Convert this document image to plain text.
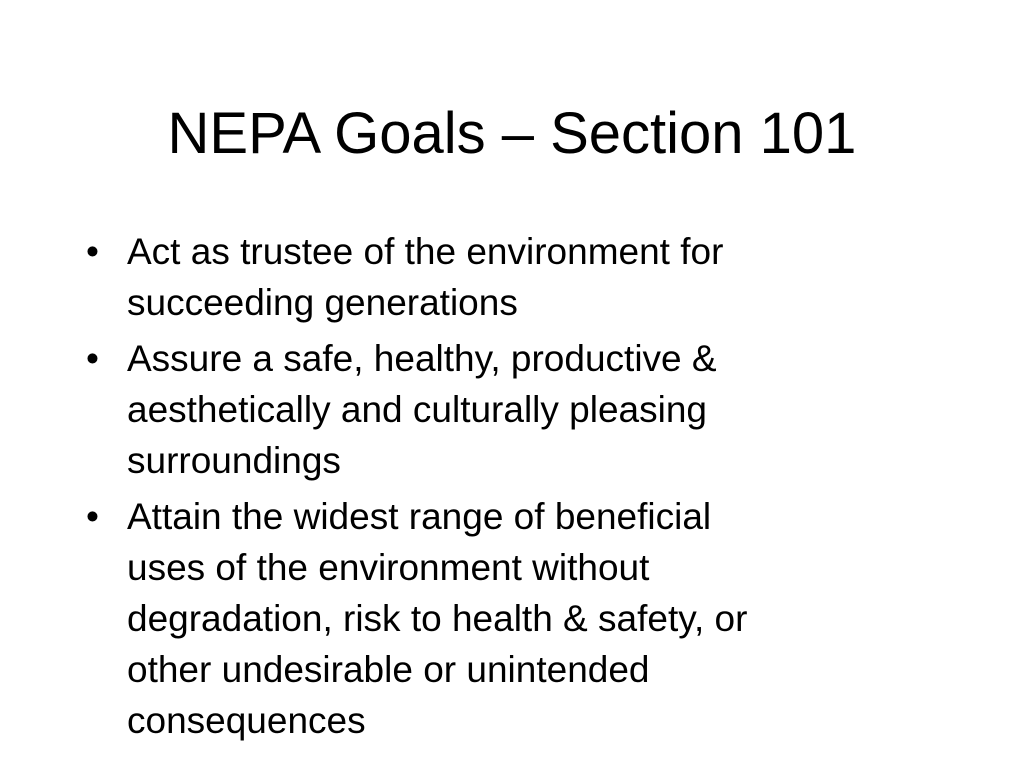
NEPA Goals – Section 101
• Act as trustee of the environment for
succeeding generations
• Assure a safe, healthy, productive &
aesthetically and culturally pleasing
surroundings
• Attain the widest range of beneficial
uses of the environment without
degradation, risk to health & safety, or
other undesirable or unintended
consequences
